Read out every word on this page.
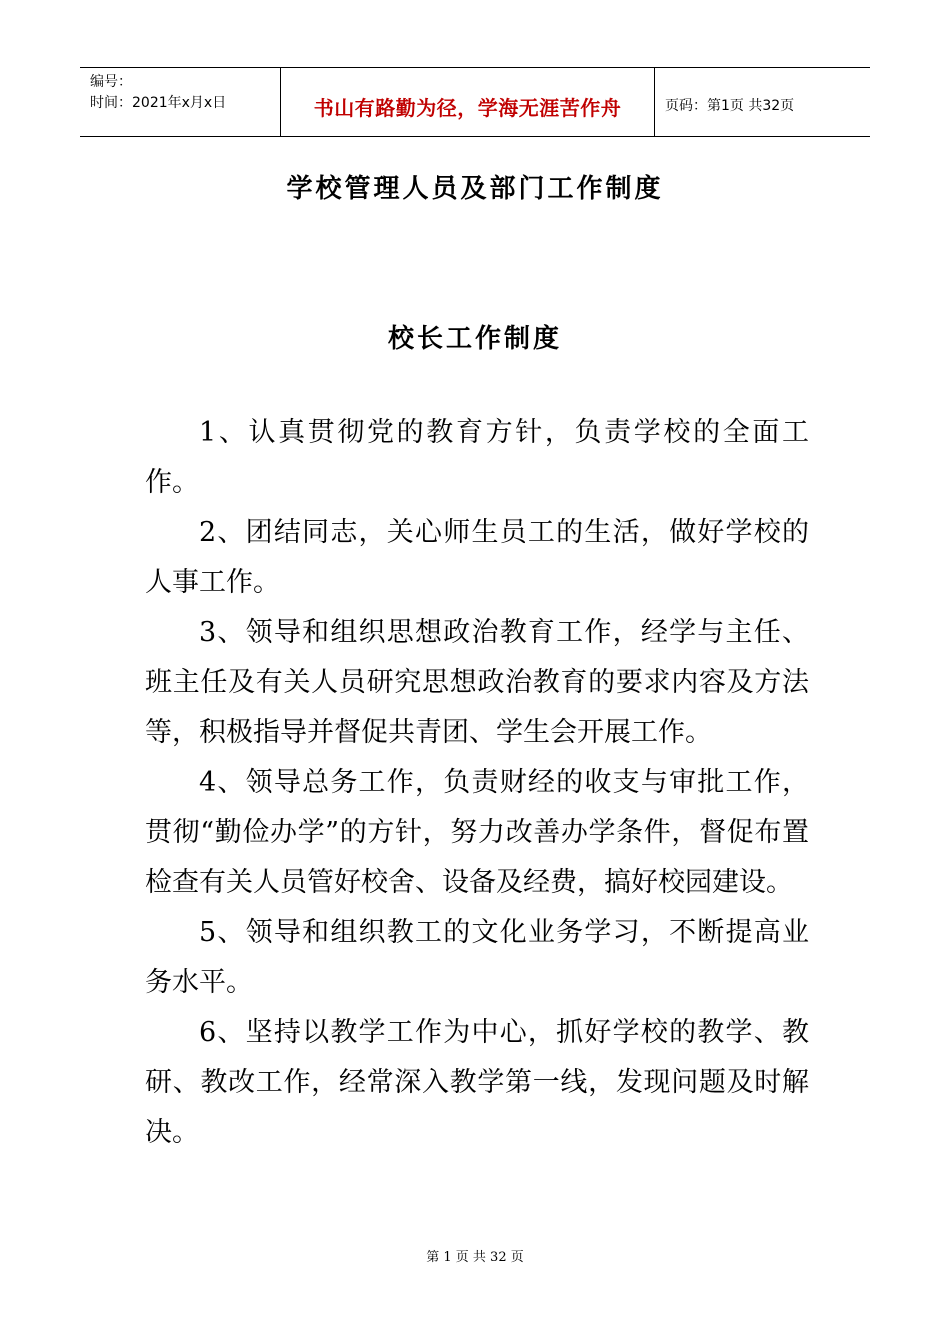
编号：
时间：2021年x月x日	书山有路勤为径，学海无涯苦作舟	页码：第1页 共32页
学校管理人员及部门工作制度
校长工作制度

1、认真贯彻党的教育方针，负责学校的全面工作。

2、团结同志，关心师生员工的生活，做好学校的人事工作。

3、领导和组织思想政治教育工作，经学与主任、班主任及有关人员研究思想政治教育的要求内容及方法等，积极指导并督促共青团、学生会开展工作。

4、领导总务工作，负责财经的收支与审批工作，贯彻“勤俭办学”的方针，努力改善办学条件，督促布置检查有关人员管好校舍、设备及经费，搞好校园建设。

5、领导和组织教工的文化业务学习，不断提高业务水平。

6、坚持以教学工作为中心，抓好学校的教学、教研、教改工作，经常深入教学第一线，发现问题及时解决。

第 1 页 共 32 页
